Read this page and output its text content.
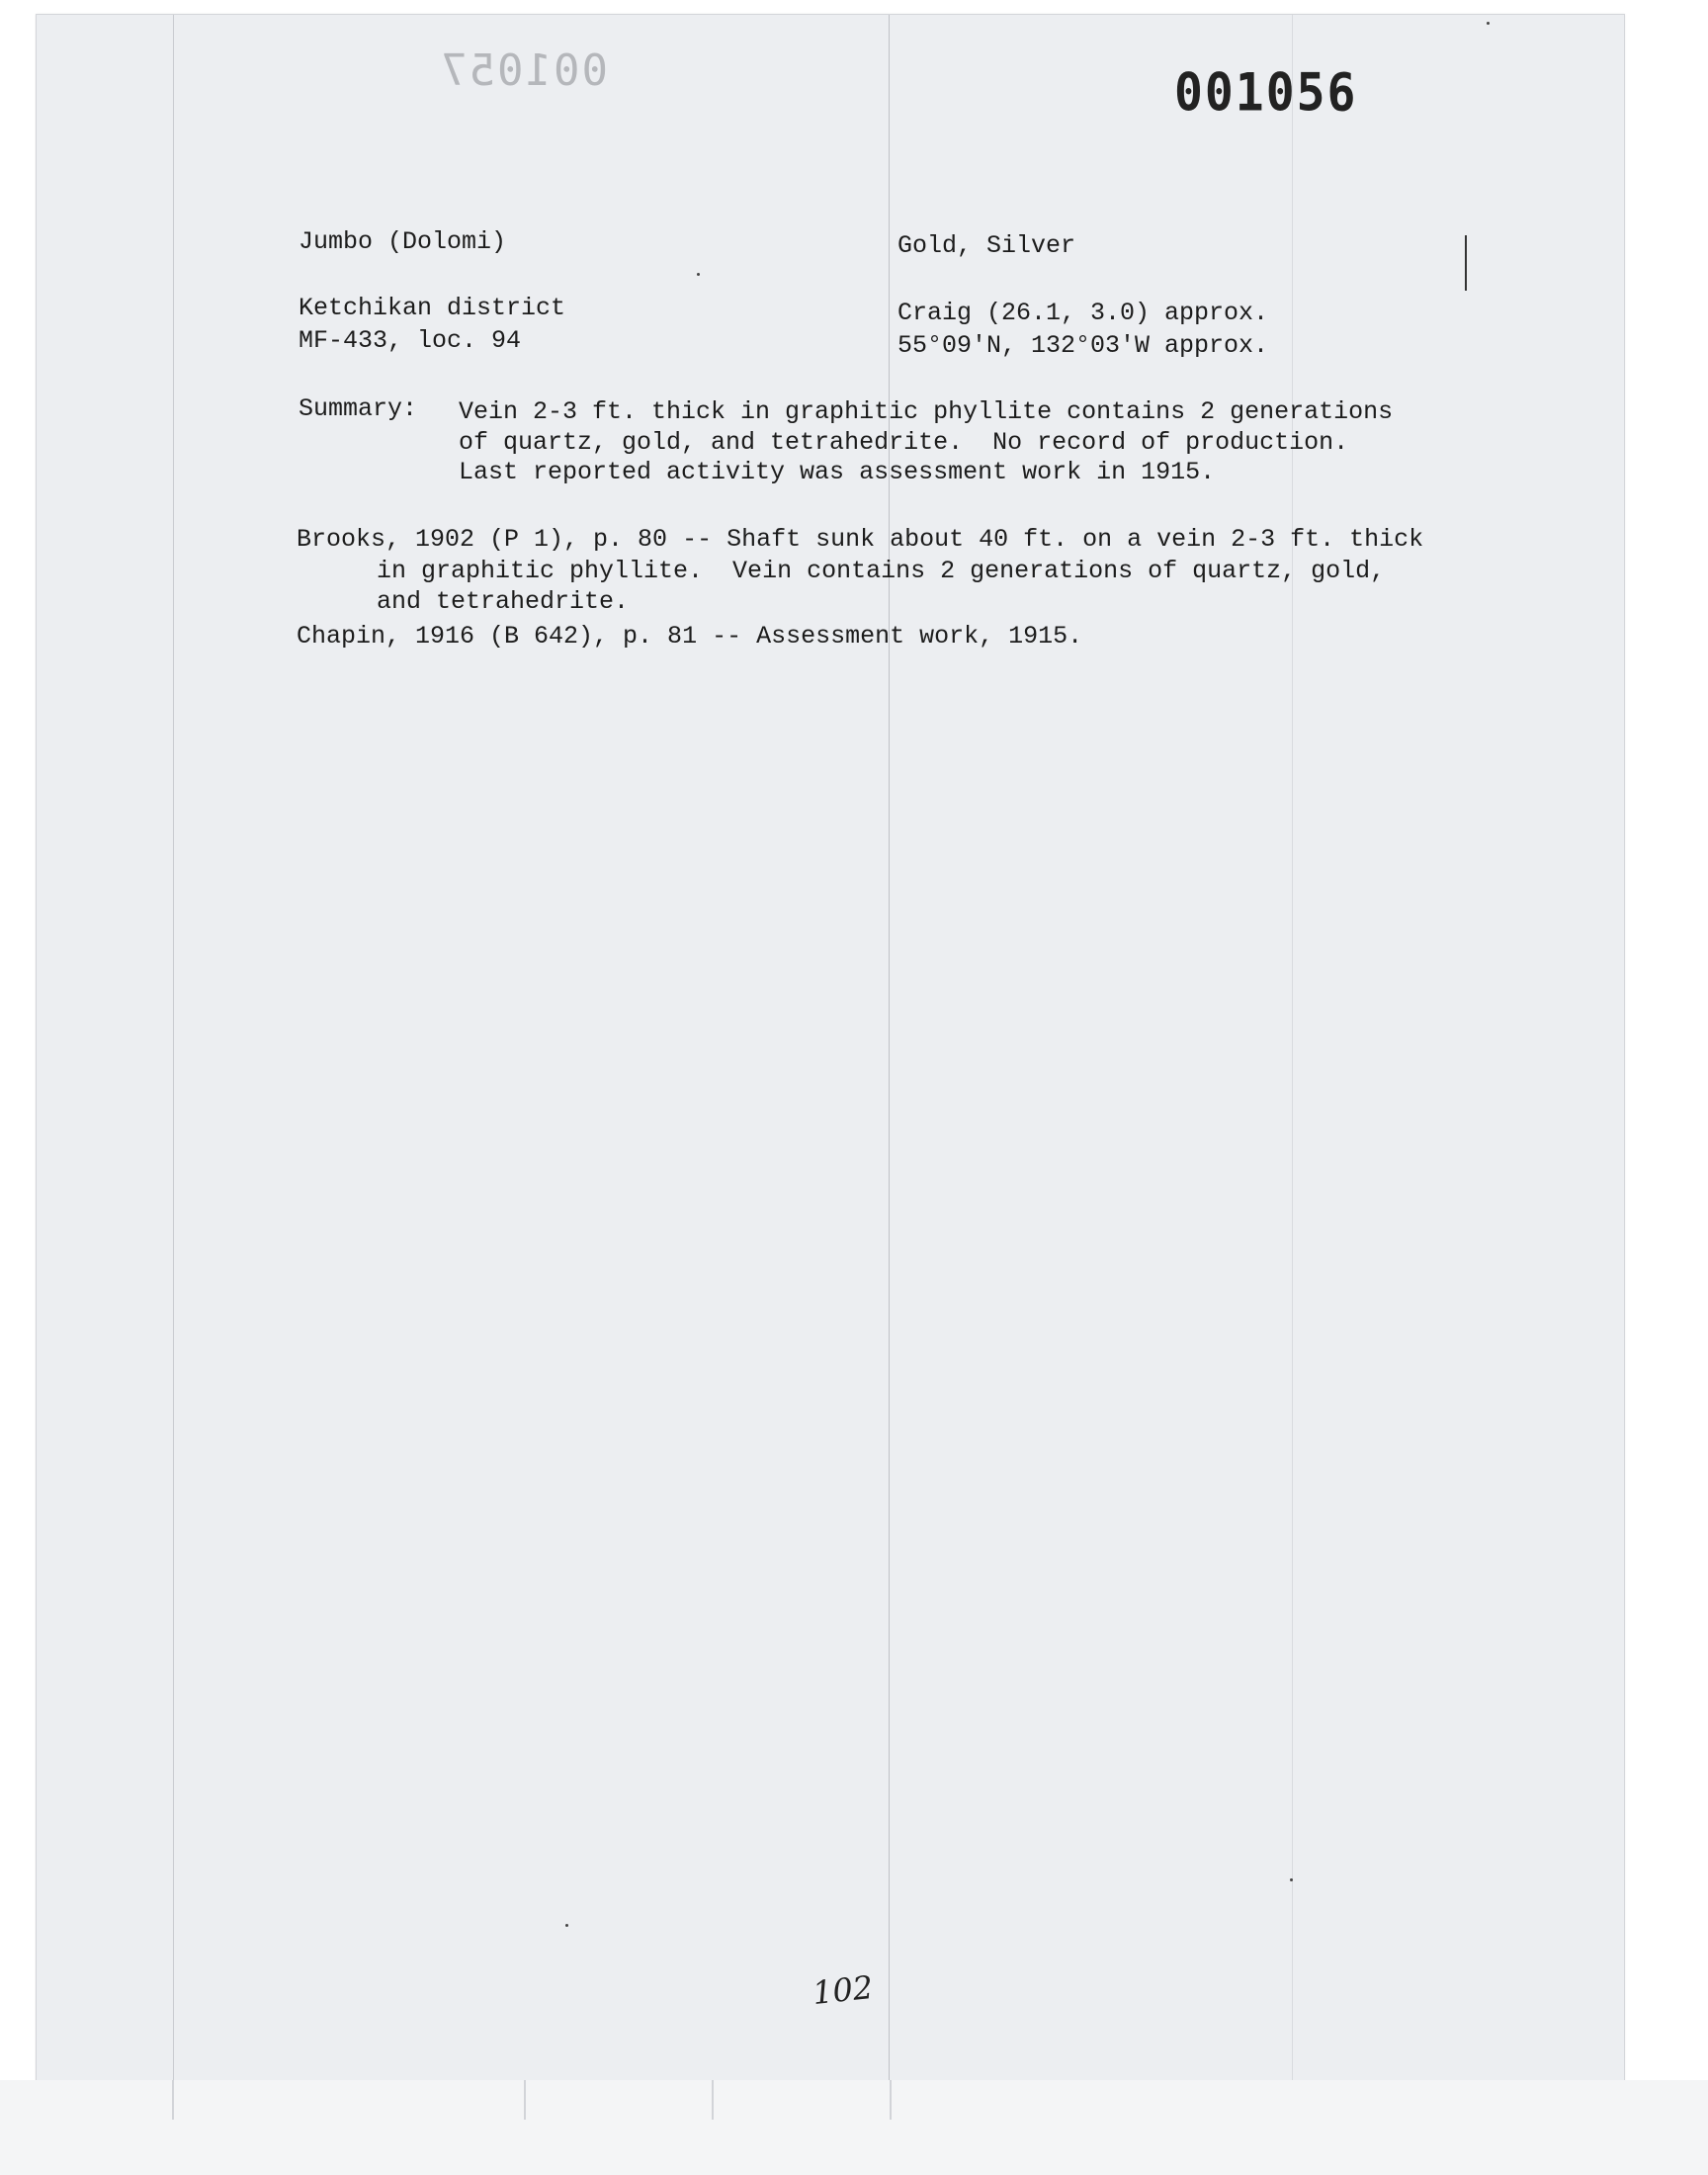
001057	001056
Jumbo (Dolomi)	Gold, Silver
Ketchikan district
MF-433, loc. 94
Craig (26.1, 3.0) approx.
55°09'N, 132°03'W approx.
Summary: Vein 2-3 ft. thick in graphitic phyllite contains 2 generations
of quartz, gold, and tetrahedrite.  No record of production.
Last reported activity was assessment work in 1915.
Brooks, 1902 (P 1), p. 80 -- Shaft sunk about 40 ft. on a vein 2-3 ft. thick
in graphitic phyllite.  Vein contains 2 generations of quartz, gold,
and tetrahedrite.
Chapin, 1916 (B 642), p. 81 -- Assessment work, 1915.
102
